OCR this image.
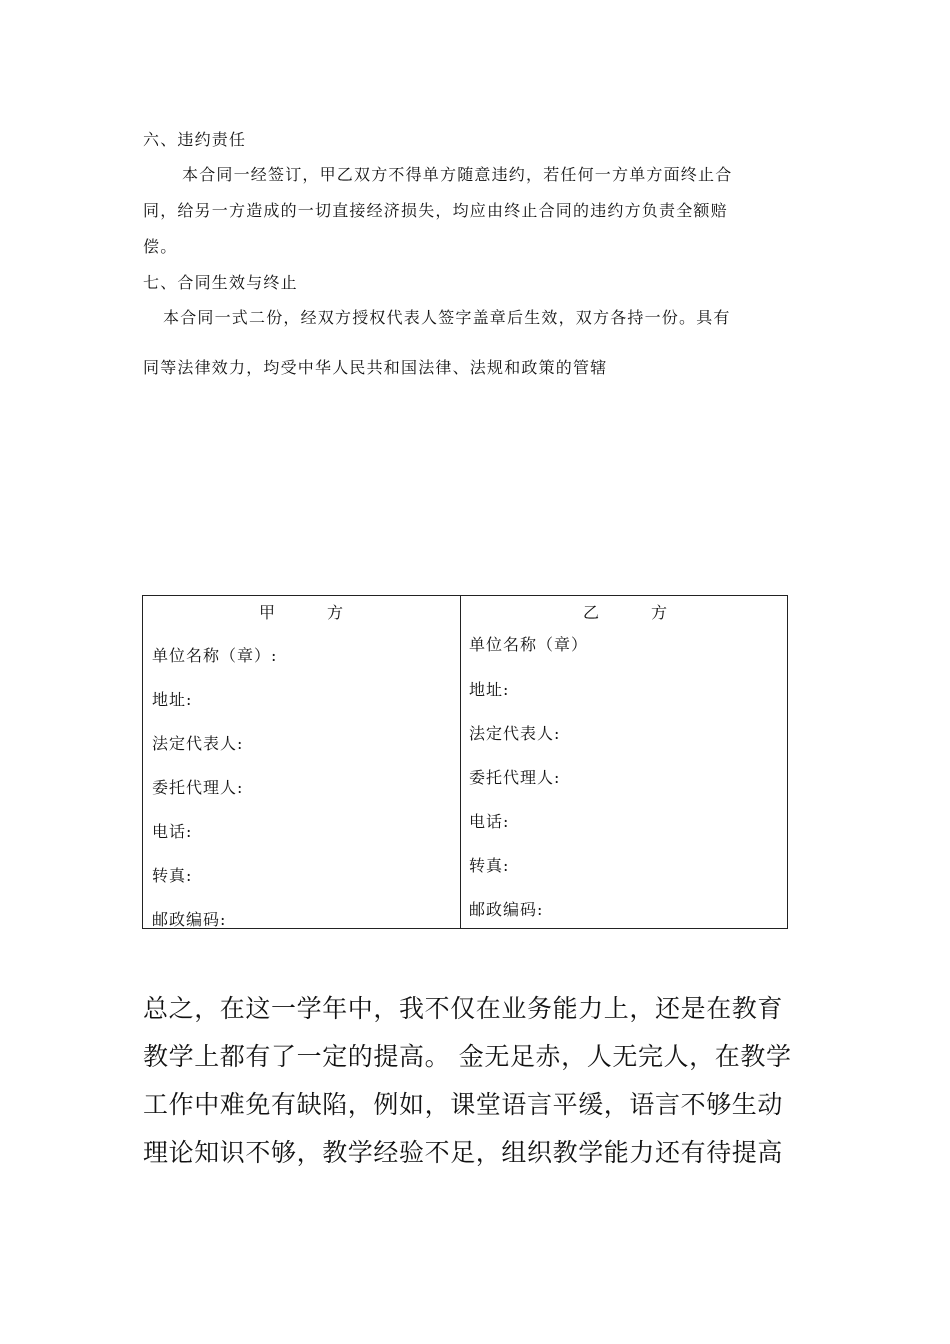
六、违约责任
本合同一经签订，甲乙双方不得单方随意违约，若任何一方单方面终止合
同，给另一方造成的一切直接经济损失，均应由终止合同的违约方负责全额赔
偿。
七、合同生效与终止
本合同一式二份，经双方授权代表人签字盖章后生效，双方各持一份。具有
同等法律效力，均受中华人民共和国法律、法规和政策的管辖
甲　　　方
单位名称（章）:
地址:
法定代表人:
委托代理人:
电话:
转真:
邮政编码:
乙　　　方
单位名称（章）
地址:
法定代表人:
委托代理人:
电话:
转真:
邮政编码:
总之，在这一学年中，我不仅在业务能力上，还是在教育
教学上都有了一定的提高。 金无足赤，人无完人，在教学
工作中难免有缺陷，例如，课堂语言平缓，语言不够生动
理论知识不够，教学经验不足，组织教学能力还有待提高
